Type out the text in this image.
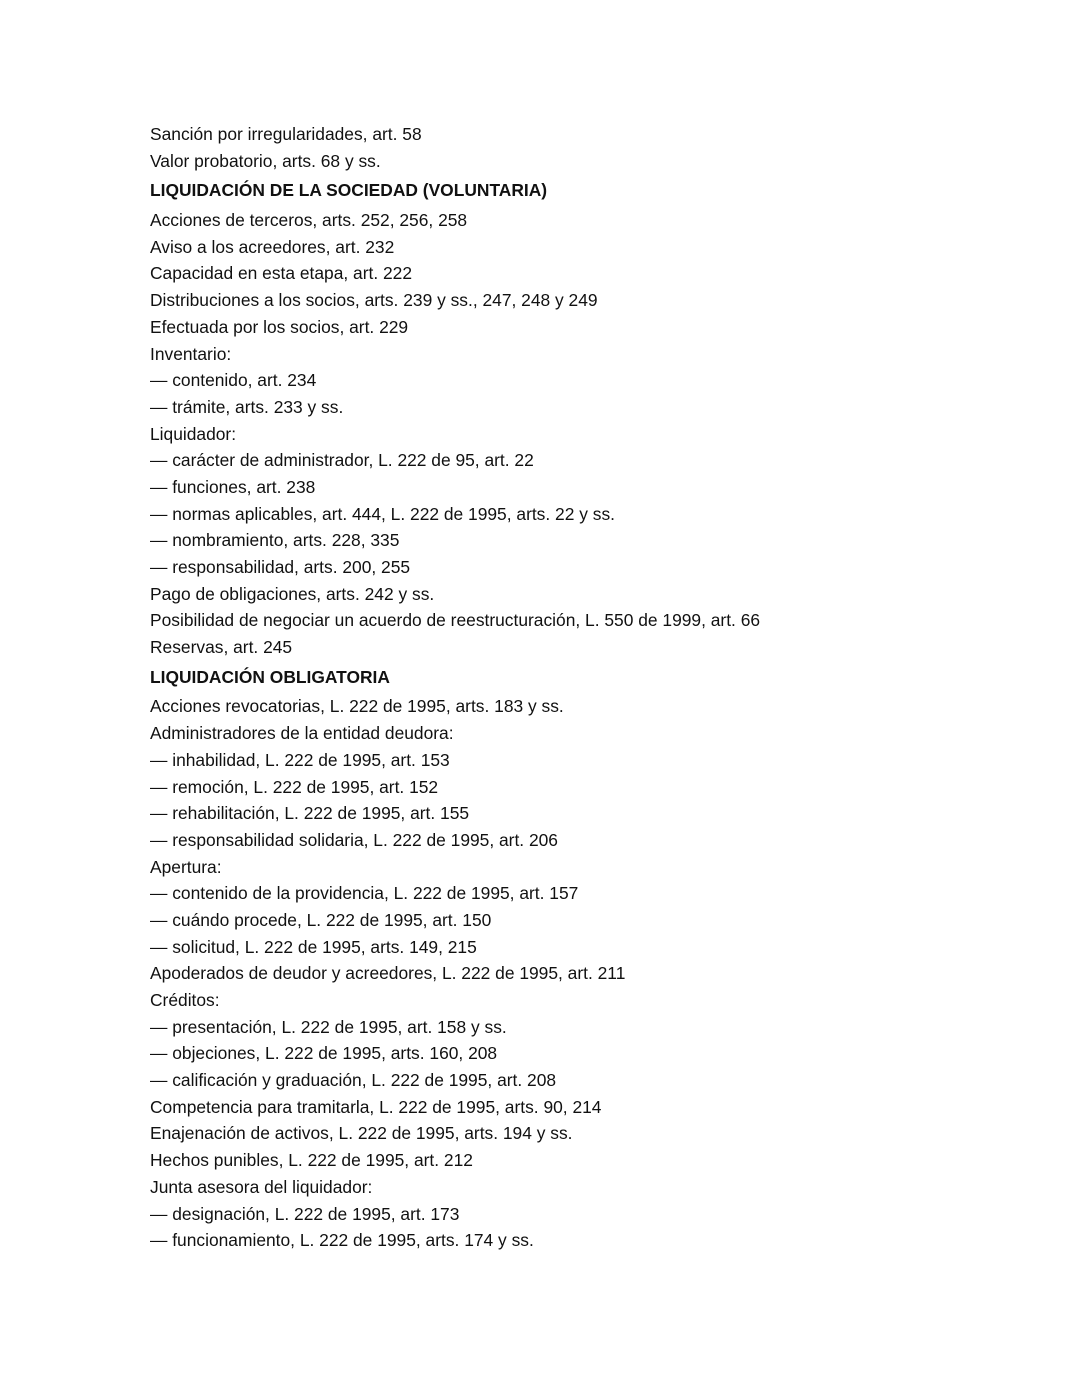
Sanción por irregularidades, art. 58
Valor probatorio, arts. 68 y ss.
LIQUIDACIÓN DE LA SOCIEDAD (VOLUNTARIA)
Acciones de terceros, arts. 252, 256, 258
Aviso a los acreedores, art. 232
Capacidad en esta etapa, art. 222
Distribuciones a los socios, arts. 239 y ss., 247, 248 y 249
Efectuada por los socios, art. 229
Inventario:
— contenido, art. 234
— trámite, arts. 233 y ss.
Liquidador:
— carácter de administrador, L. 222 de 95, art. 22
— funciones, art. 238
— normas aplicables, art. 444, L. 222 de 1995, arts. 22 y ss.
— nombramiento, arts. 228, 335
— responsabilidad, arts. 200, 255
Pago de obligaciones, arts. 242 y ss.
Posibilidad de negociar un acuerdo de reestructuración, L. 550 de 1999, art. 66
Reservas, art. 245
LIQUIDACIÓN OBLIGATORIA
Acciones revocatorias, L. 222 de 1995, arts. 183 y ss.
Administradores de la entidad deudora:
— inhabilidad, L. 222 de 1995, art. 153
— remoción, L. 222 de 1995, art. 152
— rehabilitación, L. 222 de 1995, art. 155
— responsabilidad solidaria, L. 222 de 1995, art. 206
Apertura:
— contenido de la providencia, L. 222 de 1995, art. 157
— cuándo procede, L. 222 de 1995, art. 150
— solicitud, L. 222 de 1995, arts. 149, 215
Apoderados de deudor y acreedores, L. 222 de 1995, art. 211
Créditos:
— presentación, L. 222 de 1995, art. 158 y ss.
— objeciones, L. 222 de 1995, arts. 160, 208
— calificación y graduación, L. 222 de 1995, art. 208
Competencia para tramitarla, L. 222 de 1995, arts. 90, 214
Enajenación de activos, L. 222 de 1995, arts. 194 y ss.
Hechos punibles, L. 222 de 1995, art. 212
Junta asesora del liquidador:
— designación, L. 222 de 1995, art. 173
— funcionamiento, L. 222 de 1995, arts. 174 y ss.
